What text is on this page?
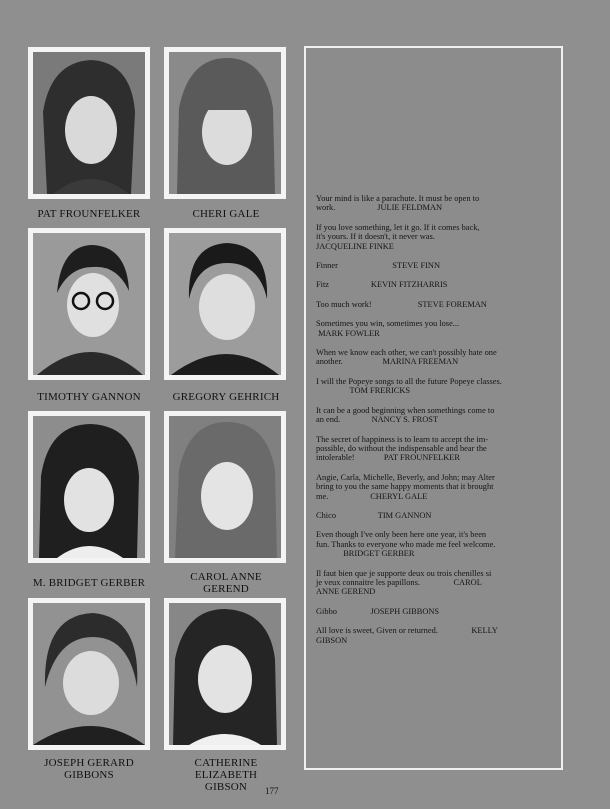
PAT FROUNFELKER	CHERI GALE
TIMOTHY GANNON	GREGORY GEHRICH
M. BRIDGET GERBER	CAROL ANNE
GEREND
JOSEPH GERARD
GIBBONS
CATHERINE
ELIZABETH
GIBSON

Your mind is like a parachute. It must be open to
work.                    JULIE FELDMAN

If you love something, let it go. If it comes back,
it's yours. If it doesn't, it never was.
JACQUELINE FINKE

Finner                          STEVE FINN

Fitz                    KEVIN FITZHARRIS

Too much work!                      STEVE FOREMAN

Sometimes you win, sometimes you lose...
MARK FOWLER

When we know each other, we can't possibly hate one
another.                   MARINA FREEMAN

I will the Popeye songs to all the future Popeye classes.
TOM FRERICKS

It can be a good beginning when somethings come to
an end.               NANCY S. FROST

The secret of happiness is to learn to accept the im-
possible, do without the indispensable and bear the
intolerable!              PAT FROUNFELKER

Angie, Carla, Michelle, Beverly, and John; may Alter
bring to you the same happy moments that it brought
me.                    CHERYL GALE

Chico                    TIM GANNON

Even though I've only been here one year, it's been
fun. Thanks to everyone who made me feel welcome.
BRIDGET GERBER

Il faut bien que je supporte deux ou trois chenilles si
je veux connaitre les papillons.                CAROL
ANNE GEREND

Gibbo                JOSEPH GIBBONS

All love is sweet, Given or returned.                KELLY
GIBSON

177
